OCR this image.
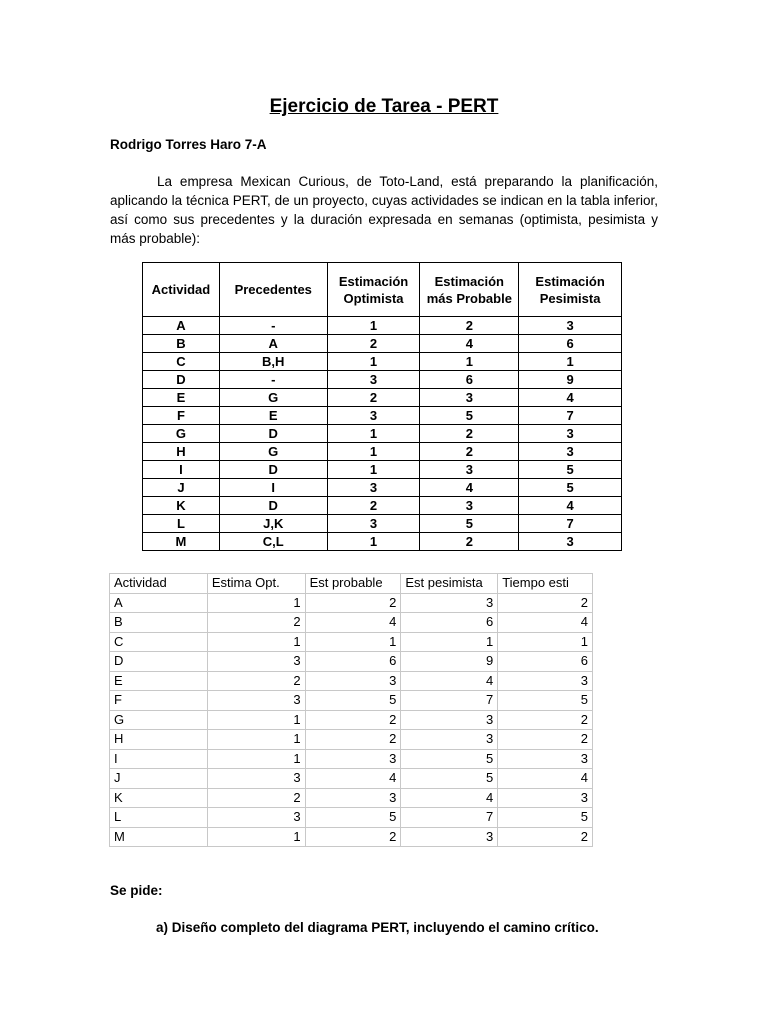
Ejercicio de Tarea - PERT
Rodrigo Torres Haro 7-A

La empresa Mexican Curious, de Toto-Land, está preparando la planificación, aplicando la técnica PERT, de un proyecto, cuyas actividades se indican en la tabla inferior, así como sus precedentes y la duración expresada en semanas (optimista, pesimista y más probable):

Actividad	Precedentes	Estimación Optimista	Estimación más Probable	Estimación Pesimista
A	-	1	2	3
B	A	2	4	6
C	B,H	1	1	1
D	-	3	6	9
E	G	2	3	4
F	E	3	5	7
G	D	1	2	3
H	G	1	2	3
I	D	1	3	5
J	I	3	4	5
K	D	2	3	4
L	J,K	3	5	7
M	C,L	1	2	3
Actividad	Estima Opt.	Est probable	Est pesimista	Tiempo esti
A	1	2	3	2
B	2	4	6	4
C	1	1	1	1
D	3	6	9	6
E	2	3	4	3
F	3	5	7	5
G	1	2	3	2
H	1	2	3	2
I	1	3	5	3
J	3	4	5	4
K	2	3	4	3
L	3	5	7	5
M	1	2	3	2
Se pide:
a) Diseño completo del diagrama PERT, incluyendo el camino crítico.
